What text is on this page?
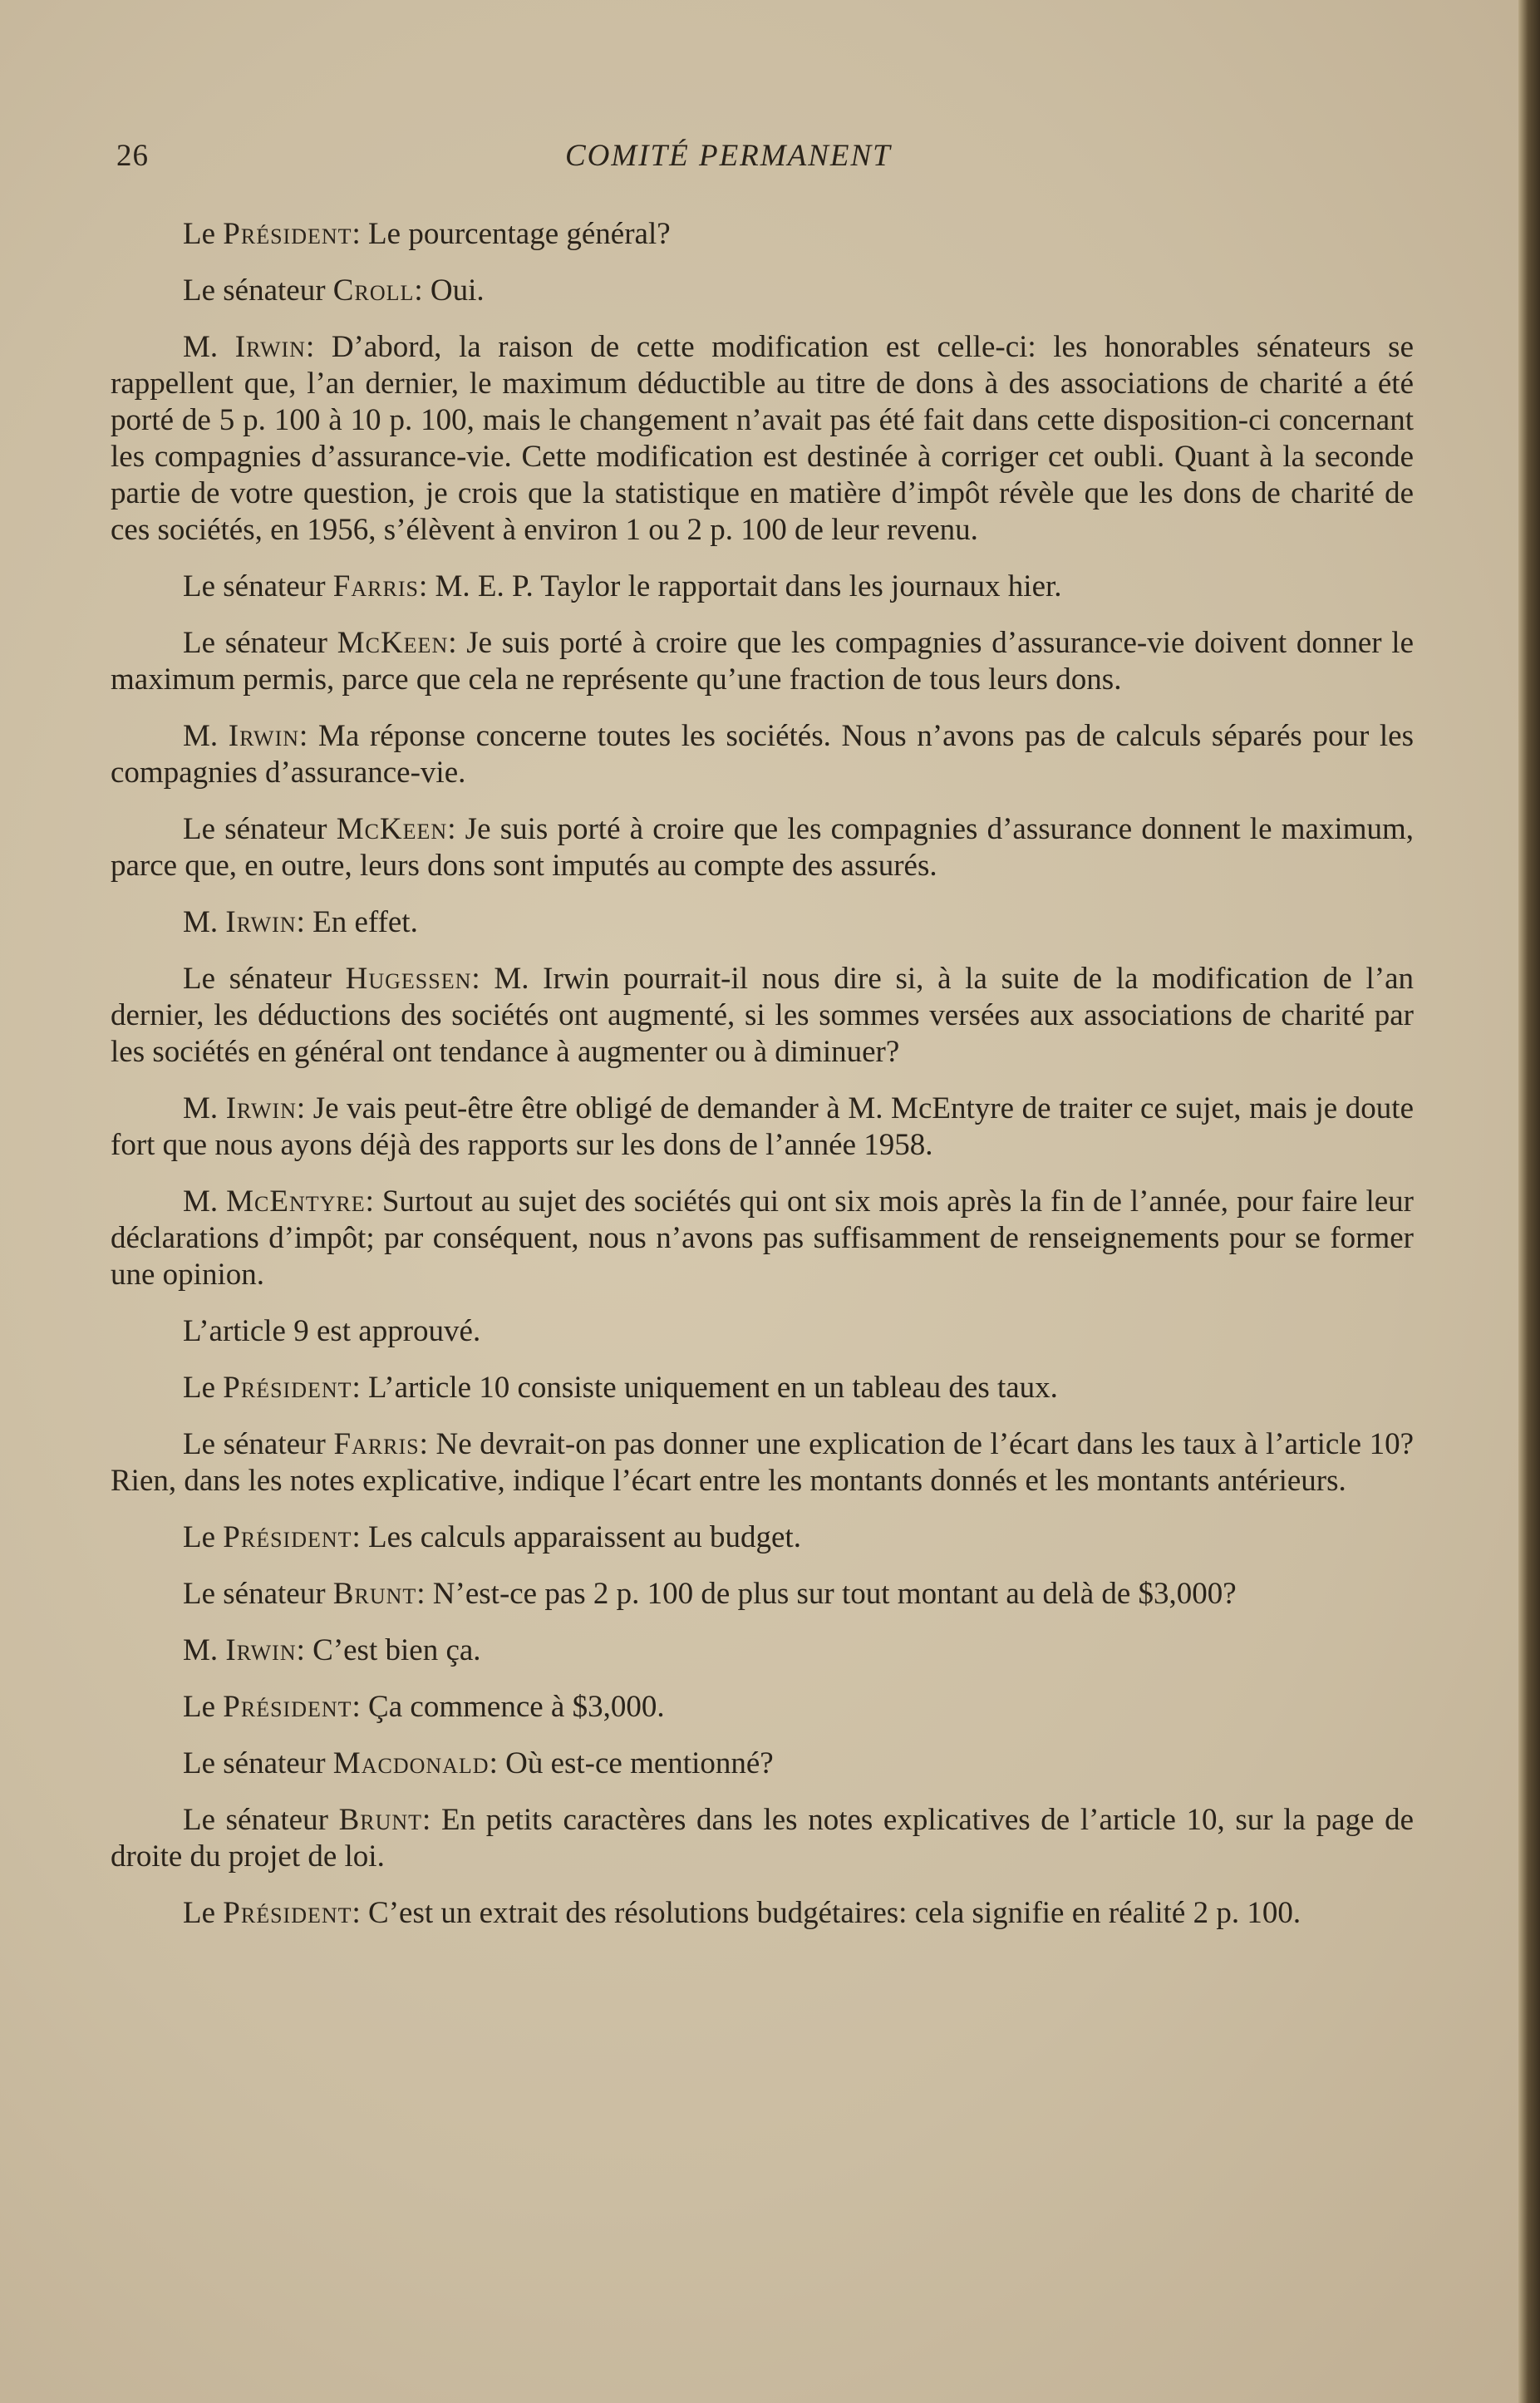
26	COMITÉ PERMANENT

Le Président: Le pourcentage général?

Le sénateur Croll: Oui.

M. Irwin: D’abord, la raison de cette modification est celle-ci: les honorables sénateurs se rappellent que, l’an dernier, le maximum déductible au titre de dons à des associations de charité a été porté de 5 p. 100 à 10 p. 100, mais le changement n’avait pas été fait dans cette disposition-ci concernant les compagnies d’assurance-vie. Cette modification est destinée à corriger cet oubli. Quant à la seconde partie de votre question, je crois que la statistique en matière d’impôt révèle que les dons de charité de ces sociétés, en 1956, s’élèvent à environ 1 ou 2 p. 100 de leur revenu.

Le sénateur Farris: M. E. P. Taylor le rapportait dans les journaux hier.

Le sénateur McKeen: Je suis porté à croire que les compagnies d’assurance-vie doivent donner le maximum permis, parce que cela ne représente qu’une fraction de tous leurs dons.

M. Irwin: Ma réponse concerne toutes les sociétés. Nous n’avons pas de calculs séparés pour les compagnies d’assurance-vie.

Le sénateur McKeen: Je suis porté à croire que les compagnies d’assurance donnent le maximum, parce que, en outre, leurs dons sont imputés au compte des assurés.

M. Irwin: En effet.

Le sénateur Hugessen: M. Irwin pourrait-il nous dire si, à la suite de la modification de l’an dernier, les déductions des sociétés ont augmenté, si les sommes versées aux associations de charité par les sociétés en général ont tendance à augmenter ou à diminuer?

M. Irwin: Je vais peut-être être obligé de demander à M. McEntyre de traiter ce sujet, mais je doute fort que nous ayons déjà des rapports sur les dons de l’année 1958.

M. McEntyre: Surtout au sujet des sociétés qui ont six mois après la fin de l’année, pour faire leur déclarations d’impôt; par conséquent, nous n’avons pas suffisamment de renseignements pour se former une opinion.

L’article 9 est approuvé.

Le Président: L’article 10 consiste uniquement en un tableau des taux.

Le sénateur Farris: Ne devrait-on pas donner une explication de l’écart dans les taux à l’article 10? Rien, dans les notes explicative, indique l’écart entre les montants donnés et les montants antérieurs.

Le Président: Les calculs apparaissent au budget.

Le sénateur Brunt: N’est-ce pas 2 p. 100 de plus sur tout montant au delà de $3,000?

M. Irwin: C’est bien ça.

Le Président: Ça commence à $3,000.

Le sénateur Macdonald: Où est-ce mentionné?

Le sénateur Brunt: En petits caractères dans les notes explicatives de l’article 10, sur la page de droite du projet de loi.

Le Président: C’est un extrait des résolutions budgétaires: cela signifie en réalité 2 p. 100.
